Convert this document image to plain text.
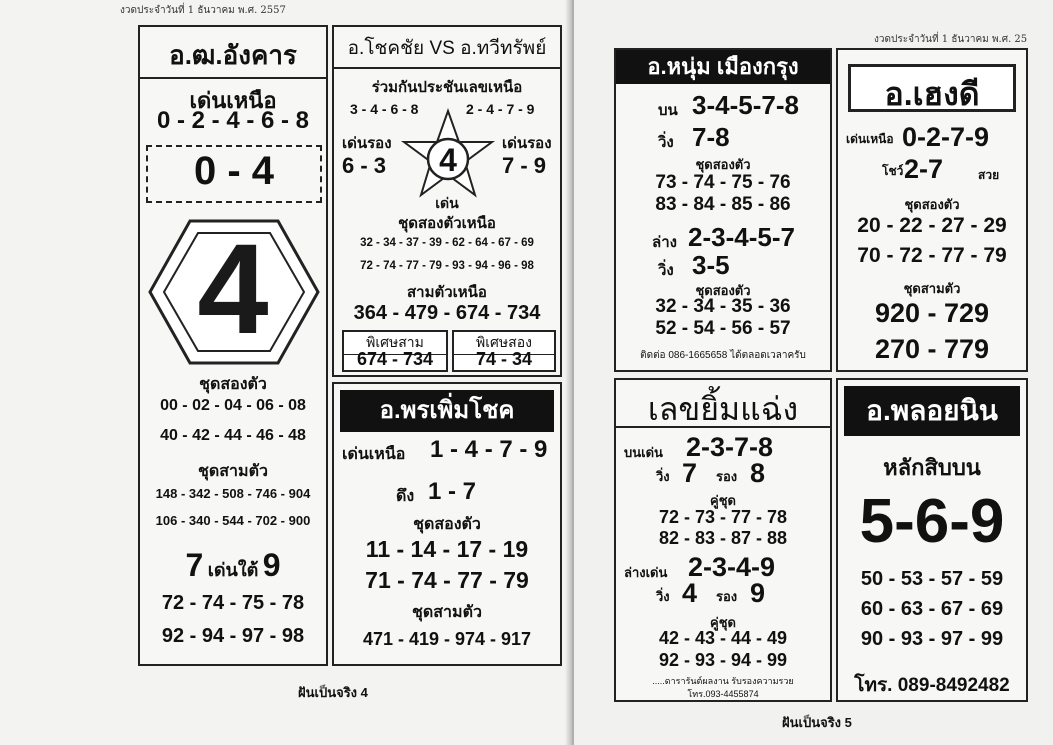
งวดประจำวันที่ 1 ธันวาคม พ.ศ. 2557
อ.ฒ.อังคาร
เด่นเหนือ
0 - 2 - 4 - 6 - 8
0 - 4
4
ชุดสองตัว
00 - 02 - 04 - 06 - 08
40 - 42 - 44 - 46 - 48
ชุดสามตัว
148 - 342 - 508 - 746 - 904
106 - 340 - 544 - 702 - 900
7 เด่นใต้ 9
72 - 74 - 75 - 78
92 - 94 - 97 - 98
อ.โชคชัย VS อ.ทวีทรัพย์
ร่วมกันประชันเลขเหนือ
3 - 4 - 6 - 8	2 - 4 - 7 - 9
4
เด่นรอง
6 - 3
เด่นรอง
7 - 9
เด่น
ชุดสองตัวเหนือ
32 - 34 - 37 - 39 - 62 - 64 - 67 - 69
72 - 74 - 77 - 79 - 93 - 94 - 96 - 98
สามตัวเหนือ
364 - 479 - 674 - 734
พิเศษสาม
674 - 734
พิเศษสอง
74 - 34
อ.พรเพิ่มโชค
เด่นเหนือ 1 - 4 - 7 - 9
ดึง 1 - 7
ชุดสองตัว
11 - 14 - 17 - 19
71 - 74 - 77 - 79
ชุดสามตัว
471 - 419 - 974 - 917
ฝันเป็นจริง 4
งวดประจำวันที่ 1 ธันวาคม พ.ศ. 25
อ.หนุ่ม เมืองกรุง
บน 3-4-5-7-8
วิ่ง 7-8
ชุดสองตัว
73 - 74 - 75 - 76
83 - 84 - 85 - 86
ล่าง 2-3-4-5-7
วิ่ง 3-5
ชุดสองตัว
32 - 34 - 35 - 36
52 - 54 - 56 - 57
ติดต่อ 086-1665658 ได้ตลอดเวลาครับ
อ.เฮงดี
เด่นเหนือ 0-2-7-9
โชว์ 2-7	สวย
ชุดสองตัว
20 - 22 - 27 - 29
70 - 72 - 77 - 79
ชุดสามตัว
920 - 729
270 - 779
เลขยิ้มแฉ่ง
บนเด่น 2-3-7-8
วิ่ง 7 รอง 8
คู่ชุด
72 - 73 - 77 - 78
82 - 83 - 87 - 88
ล่างเด่น 2-3-4-9
วิ่ง 4 รอง 9
คู่ชุด
42 - 43 - 44 - 49
92 - 93 - 94 - 99
.....ดารารันต์ผลงาน รับรองความรวย
โทร.093-4455874
อ.พลอยนิน
หลักสิบบน
5-6-9
50 - 53 - 57 - 59
60 - 63 - 67 - 69
90 - 93 - 97 - 99
โทร. 089-8492482
ฝันเป็นจริง 5
